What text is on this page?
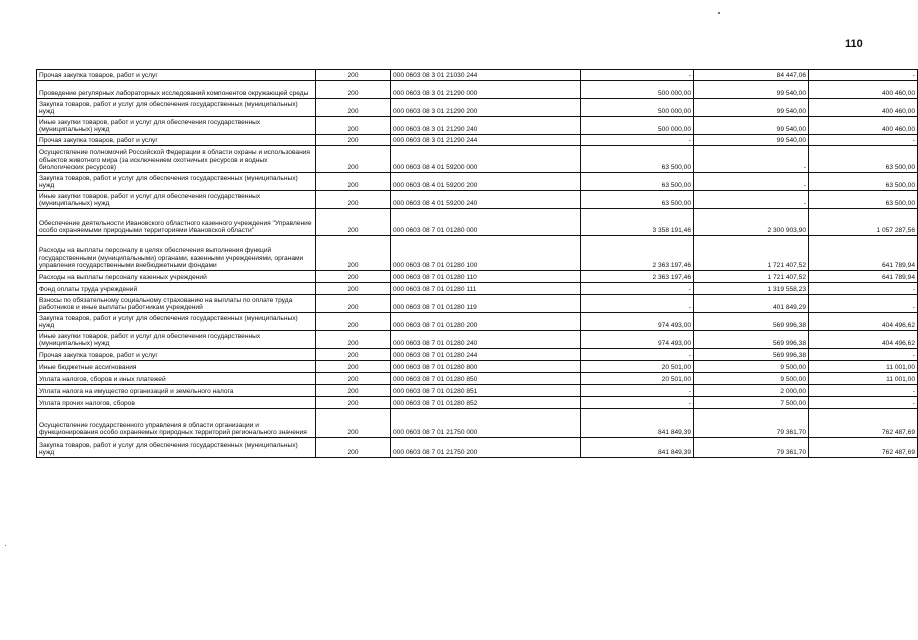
110
Прочая закупка товаров, работ и услуг	200	000 0603 08 3 01 21030 244	-	84 447,06	-

Проведение регулярных лабораторных исследований компонентов окружающей среды	200	000 0603 08 3 01 21290 000	500 000,00	99 540,00	400 460,00

Закупка товаров, работ и услуг для обеспечения государственных (муниципальных) нужд	200	000 0603 08 3 01 21290 200	500 000,00	99 540,00	400 460,00

Иные закупки товаров, работ и услуг для обеспечения государственных (муниципальных) нужд	200	000 0603 08 3 01 21290 240	500 000,00	99 540,00	400 460,00

Прочая закупка товаров, работ и услуг	200	000 0603 08 3 01 21290 244	-	99 540,00	-

Осуществление полномочий Российской Федерации в области охраны и использования объектов животного мира (за исключением охотничьих ресурсов и водных биологических ресурсов)	200	000 0603 08 4 01 59200 000	63 500,00	-	63 500,00

Закупка товаров, работ и услуг для обеспечения государственных (муниципальных) нужд	200	000 0603 08 4 01 59200 200	63 500,00	-	63 500,00

Иные закупки товаров, работ и услуг для обеспечения государственных (муниципальных) нужд	200	000 0603 08 4 01 59200 240	63 500,00	-	63 500,00

Обеспечение деятельности Ивановского областного казенного учреждения "Управление особо охраняемыми природными территориями Ивановской области"	200	000 0603 08 7 01 01280 000	3 358 191,46	2 300 903,90	1 057 287,56

Расходы на выплаты персоналу в целях обеспечения выполнения функций государственными (муниципальными) органами, казенными учреждениями, органами управления государственными внебюджетными фондами	200	000 0603 08 7 01 01280 100	2 363 197,46	1 721 407,52	641 789,94

Расходы на выплаты персоналу казенных учреждений	200	000 0603 08 7 01 01280 110	2 363 197,46	1 721 407,52	641 789,94

Фонд оплаты труда учреждений	200	000 0603 08 7 01 01280 111	-	1 319 558,23	-

Взносы по обязательному социальному страхованию на выплаты по оплате труда работников и иные выплаты работникам учреждений	200	000 0603 08 7 01 01280 119	-	401 849,29	-

Закупка товаров, работ и услуг для обеспечения государственных (муниципальных) нужд	200	000 0603 08 7 01 01280 200	974 493,00	569 996,38	404 496,62

Иные закупки товаров, работ и услуг для обеспечения государственных (муниципальных) нужд	200	000 0603 08 7 01 01280 240	974 493,00	569 996,38	404 496,62

Прочая закупка товаров, работ и услуг	200	000 0603 08 7 01 01280 244	-	569 996,38	-

Иные бюджетные ассигнования	200	000 0603 08 7 01 01280 800	20 501,00	9 500,00	11 001,00

Уплата налогов, сборов и иных платежей	200	000 0603 08 7 01 01280 850	20 501,00	9 500,00	11 001,00

Уплата налога на имущество организаций и земельного налога	200	000 0603 08 7 01 01280 851	-	2 000,00	-

Уплата прочих налогов, сборов	200	000 0603 08 7 01 01280 852	-	7 500,00	-

Осуществление государственного управления в области организации и функционирования особо охраняемых природных территорий регионального значения	200	000 0603 08 7 01 21750 000	841 849,39	79 361,70	762 487,69

Закупка товаров, работ и услуг для обеспечения государственных (муниципальных) нужд	200	000 0603 08 7 01 21750 200	841 849,39	79 361,70	762 487,69
